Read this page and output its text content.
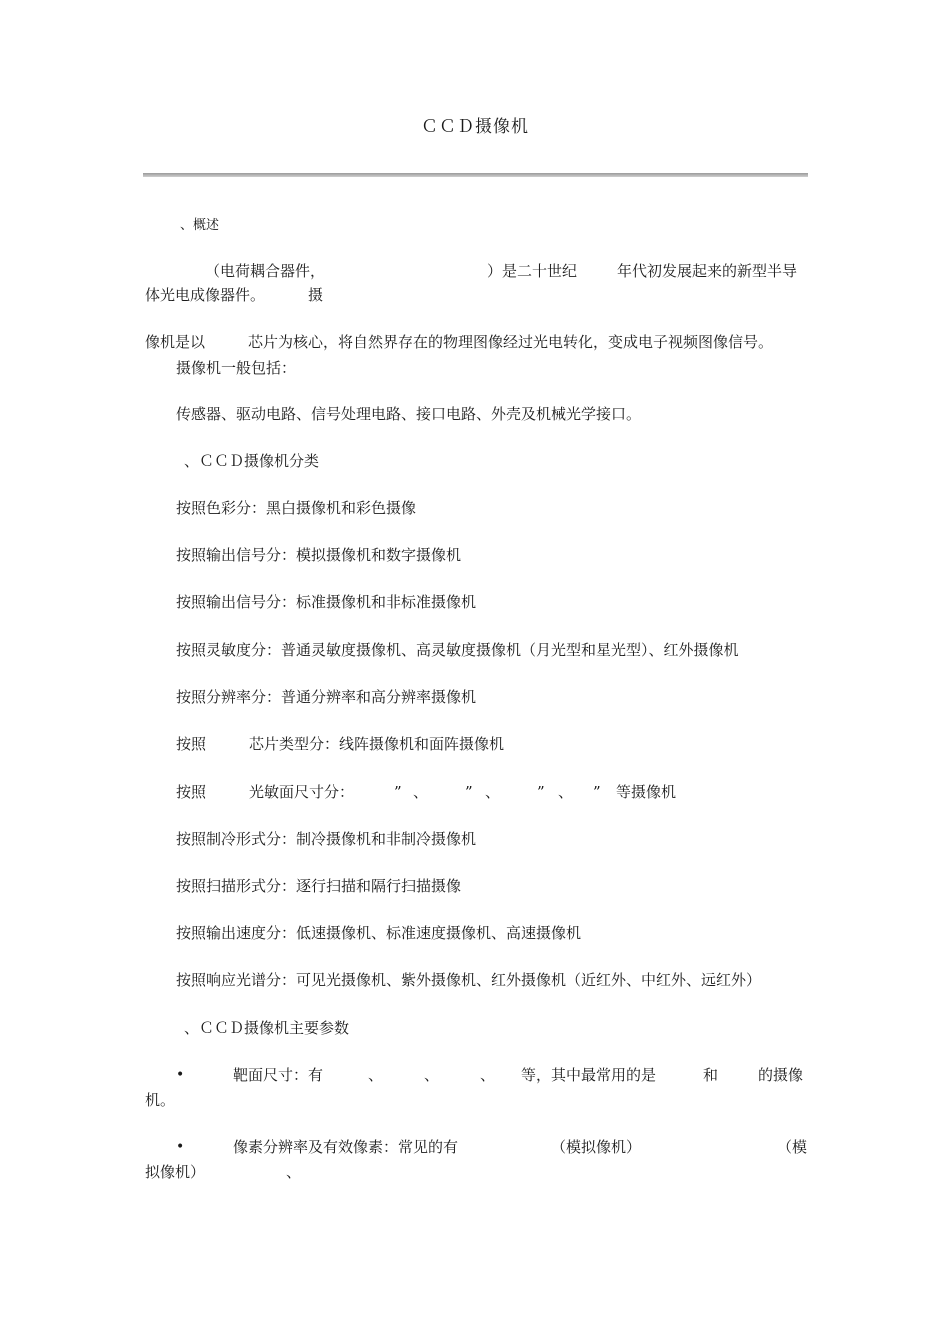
ＣＣＤ摄像机
、概述
（电荷耦合器件，	）是二十世纪	年代初发展起来的新型半导
体光电成像器件。	摄
像机是以	芯片为核心，将自然界存在的物理图像经过光电转化，变成电子视频图像信号。
摄像机一般包括：
传感器、驱动电路、信号处理电路、接口电路、外壳及机械光学接口。
、ＣＣＤ摄像机分类
按照色彩分：黑白摄像机和彩色摄像
按照输出信号分：模拟摄像机和数字摄像机
按照输出信号分：标准摄像机和非标准摄像机
按照灵敏度分：普通灵敏度摄像机、高灵敏度摄像机（月光型和星光型）、红外摄像机
按照分辨率分：普通分辨率和高分辨率摄像机
按照	芯片类型分：线阵摄像机和面阵摄像机
按照	光敏面尺寸分：	” 、 ” 、 ” 、 ” 等摄像机
按照制冷形式分：制冷摄像机和非制冷摄像机
按照扫描形式分：逐行扫描和隔行扫描摄像
按照输出速度分：低速摄像机、标准速度摄像机、高速摄像机
按照响应光谱分：可见光摄像机、紫外摄像机、红外摄像机（近红外、中红外、远红外）
、ＣＣＤ摄像机主要参数
•	靶面尺寸：有	、	、	、 等，其中最常用的是	和	的摄像
机。
•	像素分辨率及有效像素：常见的有	（模拟像机）	（模
拟像机）	、
